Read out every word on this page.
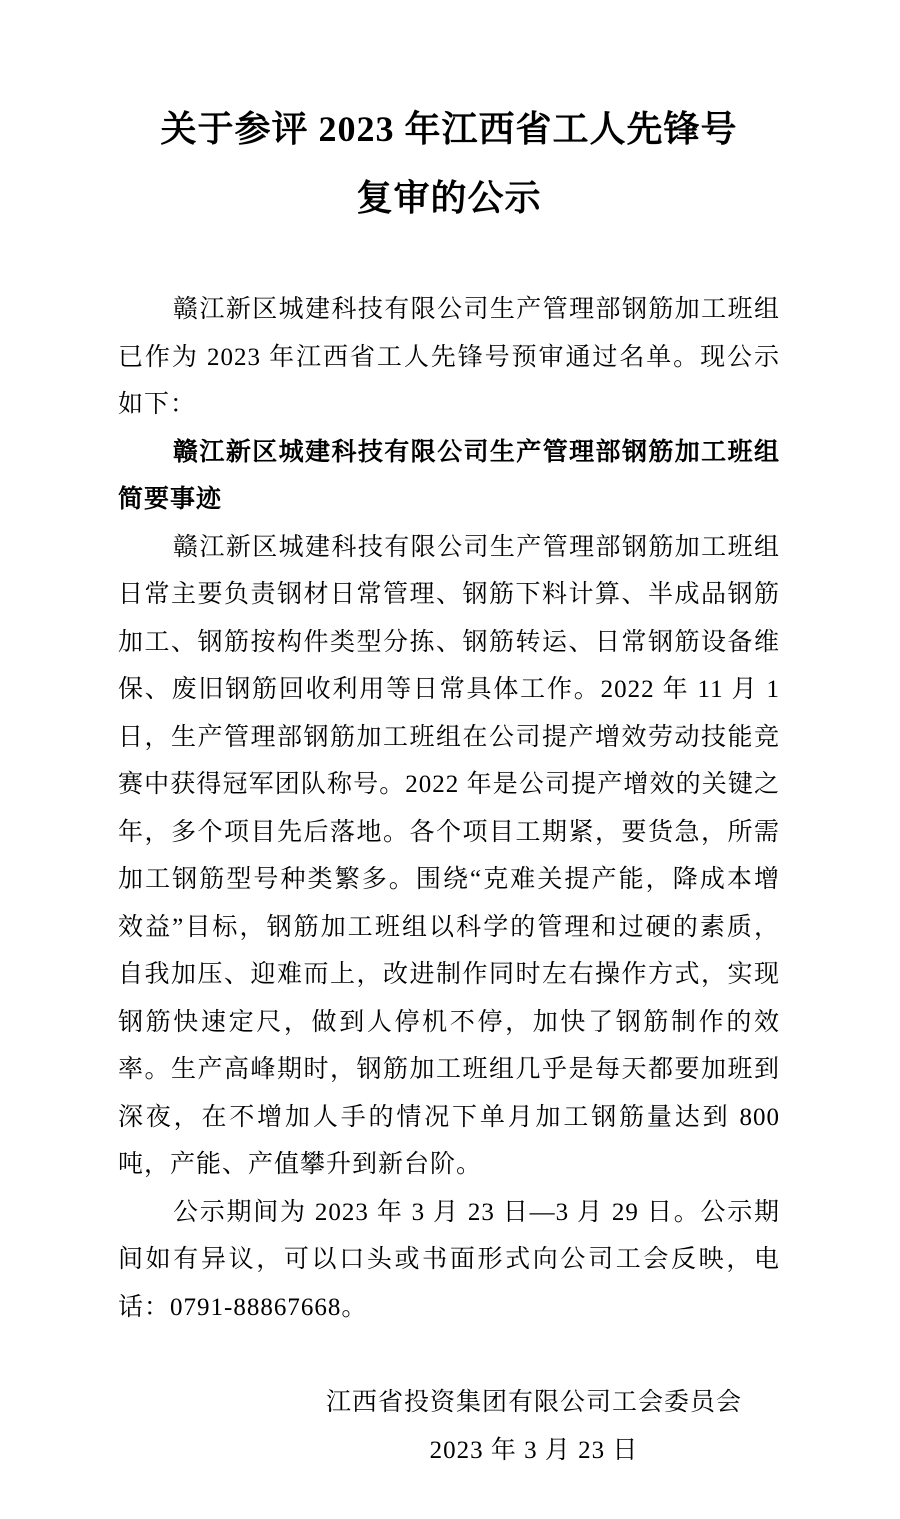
关于参评 2023 年江西省工人先锋号
复审的公示

赣江新区城建科技有限公司生产管理部钢筋加工班组已作为 2023 年江西省工人先锋号预审通过名单。现公示如下：

赣江新区城建科技有限公司生产管理部钢筋加工班组简要事迹

赣江新区城建科技有限公司生产管理部钢筋加工班组日常主要负责钢材日常管理、钢筋下料计算、半成品钢筋加工、钢筋按构件类型分拣、钢筋转运、日常钢筋设备维保、废旧钢筋回收利用等日常具体工作。2022 年 11 月 1 日，生产管理部钢筋加工班组在公司提产增效劳动技能竞赛中获得冠军团队称号。2022 年是公司提产增效的关键之年，多个项目先后落地。各个项目工期紧，要货急，所需加工钢筋型号种类繁多。围绕“克难关提产能，降成本增效益”目标，钢筋加工班组以科学的管理和过硬的素质，自我加压、迎难而上，改进制作同时左右操作方式，实现钢筋快速定尺，做到人停机不停，加快了钢筋制作的效率。生产高峰期时，钢筋加工班组几乎是每天都要加班到深夜，在不增加人手的情况下单月加工钢筋量达到 800 吨，产能、产值攀升到新台阶。

公示期间为 2023 年 3 月 23 日—3 月 29 日。公示期间如有异议，可以口头或书面形式向公司工会反映，电话：0791-88867668。

江西省投资集团有限公司工会委员会
2023 年 3 月 23 日
